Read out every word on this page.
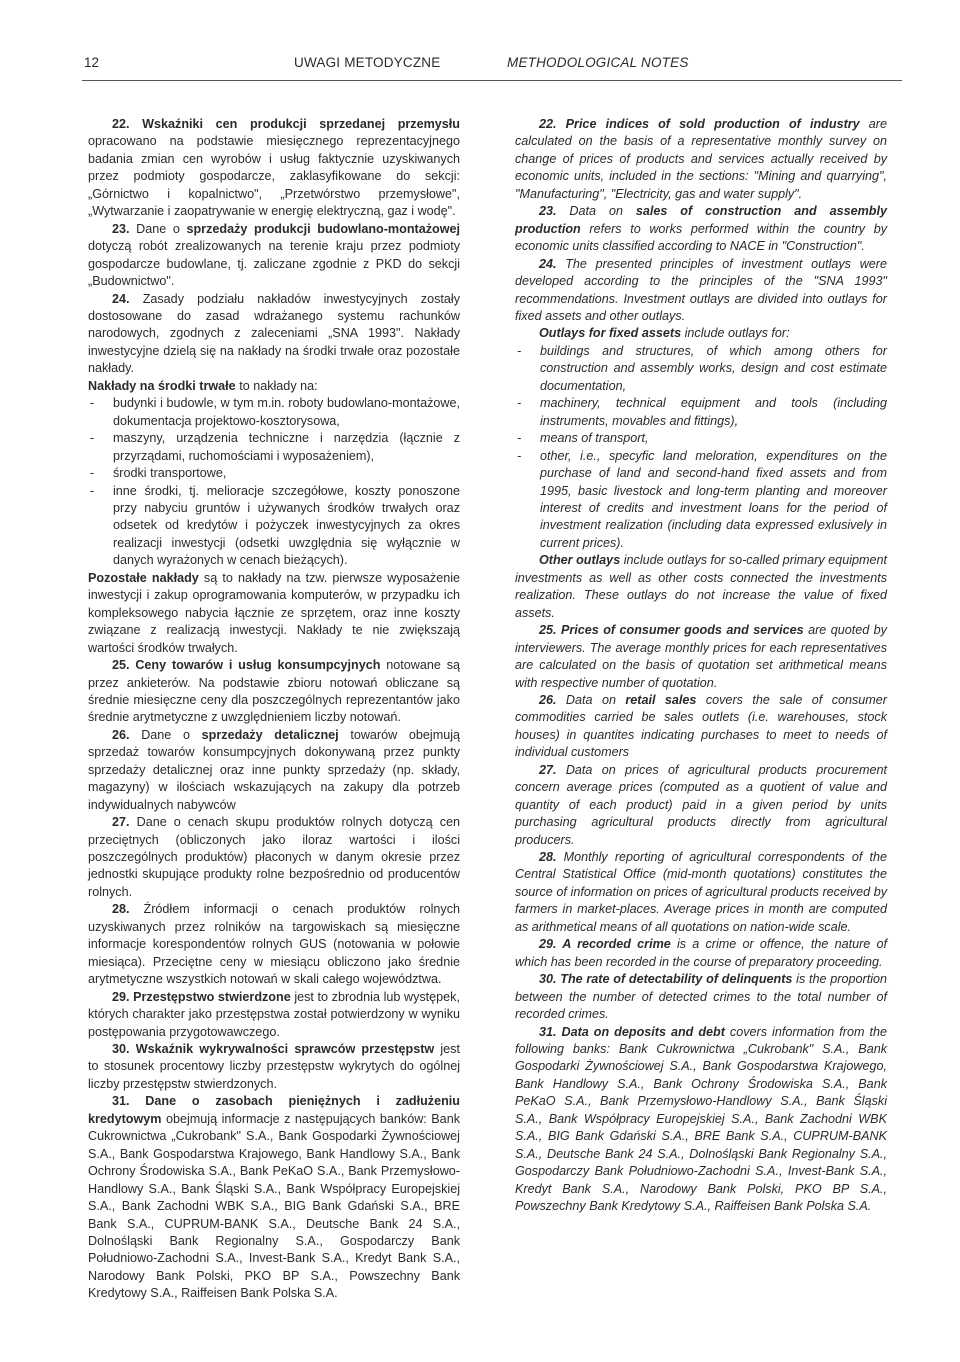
12	UWAGI METODYCZNE	METHODOLOGICAL NOTES

22. Wskaźniki cen produkcji sprzedanej przemysłu opracowano na podstawie miesięcznego reprezentacyjnego badania zmian cen wyrobów i usług faktycznie uzyskiwanych przez podmioty gospodarcze, zaklasyfikowane do sekcji: „Górnictwo i kopalnictwo", „Przetwórstwo przemysłowe", „Wytwarzanie i zaopatrywanie w energię elektryczną, gaz i wodę".

23. Dane o sprzedaży produkcji budowlano-montażowej dotyczą robót zrealizowanych na terenie kraju przez podmioty gospodarcze budowlane, tj. zaliczane zgodnie z PKD do sekcji „Budownictwo".

24. Zasady podziału nakładów inwestycyjnych zostały dostosowane do zasad wdrażanego systemu rachunków narodowych, zgodnych z zaleceniami „SNA 1993". Nakłady inwestycyjne dzielą się na nakłady na środki trwałe oraz pozostałe nakłady.

Nakłady na środki trwałe to nakłady na:

- budynki i budowle, w tym m.in. roboty budowlano-montażowe, dokumentacja projektowo-kosztorysowa,
- maszyny, urządzenia techniczne i narzędzia (łącznie z przyrządami, ruchomościami i wyposażeniem),
- środki transportowe,
- inne środki, tj. melioracje szczegółowe, koszty ponoszone przy nabyciu gruntów i używanych środków trwałych oraz odsetek od kredytów i pożyczek inwestycyjnych za okres realizacji inwestycji (odsetki uwzględnia się wyłącznie w danych wyrażonych w cenach bieżących).

Pozostałe nakłady są to nakłady na tzw. pierwsze wyposażenie inwestycji i zakup oprogramowania komputerów, w przypadku ich kompleksowego nabycia łącznie ze sprzętem, oraz inne koszty związane z realizacją inwestycji. Nakłady te nie zwiększają wartości środków trwałych.

25. Ceny towarów i usług konsumpcyjnych notowane są przez ankieterów. Na podstawie zbioru notowań obliczane są średnie miesięczne ceny dla poszczególnych reprezentantów jako średnie arytmetyczne z uwzględnieniem liczby notowań.

26. Dane o sprzedaży detalicznej towarów obejmują sprzedaż towarów konsumpcyjnych dokonywaną przez punkty sprzedaży detalicznej oraz inne punkty sprzedaży (np. składy, magazyny) w ilościach wskazujących na zakupy dla potrzeb indywidualnych nabywców

27. Dane o cenach skupu produktów rolnych dotyczą cen przeciętnych (obliczonych jako iloraz wartości i ilości poszczególnych produktów) płaconych w danym okresie przez jednostki skupujące produkty rolne bezpośrednio od producentów rolnych.

28. Źródłem informacji o cenach produktów rolnych uzyskiwanych przez rolników na targowiskach są miesięczne informacje korespondentów rolnych GUS (notowania w połowie miesiąca). Przeciętne ceny w miesiącu obliczono jako średnie arytmetyczne wszystkich notowań w skali całego województwa.

29. Przestępstwo stwierdzone jest to zbrodnia lub występek, których charakter jako przestępstwa został potwierdzony w wyniku postępowania przygotowawczego.

30. Wskaźnik wykrywalności sprawców przestępstw jest to stosunek procentowy liczby przestępstw wykrytych do ogólnej liczby przestępstw stwierdzonych.

31. Dane o zasobach pieniężnych i zadłużeniu kredytowym obejmują informacje z następujących banków: Bank Cukrownictwa „Cukrobank" S.A., Bank Gospodarki Żywnościowej S.A., Bank Gospodarstwa Krajowego, Bank Handlowy S.A., Bank Ochrony Środowiska S.A., Bank PeKaO S.A., Bank Przemysłowo-Handlowy S.A., Bank Śląski S.A., Bank Współpracy Europejskiej S.A., Bank Zachodni WBK S.A., BIG Bank Gdański S.A., BRE Bank S.A., CUPRUM-BANK S.A., Deutsche Bank 24 S.A., Dolnośląski Bank Regionalny S.A., Gospodarczy Bank Południowo-Zachodni S.A., Invest-Bank S.A., Kredyt Bank S.A., Narodowy Bank Polski, PKO BP S.A., Powszechny Bank Kredytowy S.A., Raiffeisen Bank Polska S.A.

22. Price indices of sold production of industry are calculated on the basis of a representative monthly survey on change of prices of products and services actually received by economic units, included in the sections: "Mining and quarrying", "Manufacturing", "Electricity, gas and water supply".

23. Data on sales of construction and assembly production refers to works performed within the country by economic units classified according to NACE in "Construction".

24. The presented principles of investment outlays were developed according to the principles of the "SNA 1993" recommendations. Investment outlays are divided into outlays for fixed assets and other outlays.

Outlays for fixed assets include outlays for:

- buildings and structures, of which among others for construction and assembly works, design and cost estimate documentation,
- machinery, technical equipment and tools (including instruments, movables and fittings),
- means of transport,
- other, i.e., specyfic land meloration, expenditures on the purchase of land and second-hand fixed assets and from 1995, basic livestock and long-term planting and moreover interest of credits and investment loans for the period of investment realization (including data expressed exlusively in current prices).

Other outlays include outlays for so-called primary equipment investments as well as other costs connected the investments realization. These outlays do not increase the value of fixed assets.

25. Prices of consumer goods and services are quoted by interviewers. The average monthly prices for each representatives are calculated on the basis of quotation set arithmetical means with respective number of quotation.

26. Data on retail sales covers the sale of consumer commodities carried be sales outlets (i.e. warehouses, stock houses) in quantites indicating purchases to meet to needs of individual customers

27. Data on prices of agricultural products procurement concern average prices (computed as a quotient of value and quantity of each product) paid in a given period by units purchasing agricultural products directly from agricultural producers.

28. Monthly reporting of agricultural correspondents of the Central Statistical Office (mid-month quotations) constitutes the source of information on prices of agricultural products received by farmers in market-places. Average prices in month are computed as arithmetical means of all quotations on nation-wide scale.

29. A recorded crime is a crime or offence, the nature of which has been recorded in the course of preparatory proceeding.

30. The rate of detectability of delinquents is the proportion between the number of detected crimes to the total number of recorded crimes.

31. Data on deposits and debt covers information from the following banks: Bank Cukrownictwa „Cukrobank" S.A., Bank Gospodarki Żywnościowej S.A., Bank Gospodarstwa Krajowego, Bank Handlowy S.A., Bank Ochrony Środowiska S.A., Bank PeKaO S.A., Bank Przemysłowo-Handlowy S.A., Bank Śląski S.A., Bank Współpracy Europejskiej S.A., Bank Zachodni WBK S.A., BIG Bank Gdański S.A., BRE Bank S.A., CUPRUM-BANK S.A., Deutsche Bank 24 S.A., Dolnośląski Bank Regionalny S.A., Gospodarczy Bank Południowo-Zachodni S.A., Invest-Bank S.A., Kredyt Bank S.A., Narodowy Bank Polski, PKO BP S.A., Powszechny Bank Kredytowy S.A., Raiffeisen Bank Polska S.A.
